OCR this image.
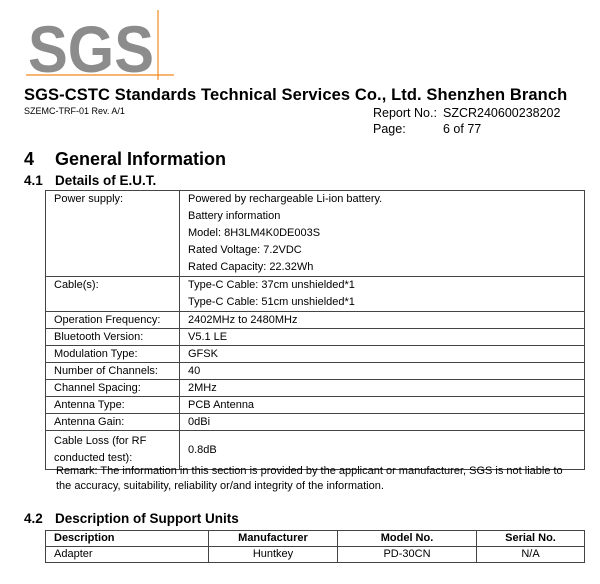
SGS
SGS-CSTC Standards Technical Services Co., Ltd. Shenzhen Branch
SZEMC-TRF-01 Rev. A/1	Report No.: SZCR240600238202
Page:	6 of 77
4 General Information
4.1 Details of E.U.T.
Power supply:	Powered by rechargeable Li-ion battery.
Battery information
Model: 8H3LM4K0DE003S
Rated Voltage: 7.2VDC
Rated Capacity: 22.32Wh

Cable(s):	Type-C Cable: 37cm unshielded*1
Type-C Cable: 51cm unshielded*1

Operation Frequency:	2402MHz to 2480MHz
Bluetooth Version:	V5.1 LE
Modulation Type:	GFSK
Number of Channels:	40
Channel Spacing:	2MHz
Antenna Type:	PCB Antenna
Antenna Gain:	0dBi

Cable Loss (for RF
conducted test):	0.8dB
Remark: The information in this section is provided by the applicant or manufacturer, SGS is not liable to the accuracy, suitability, reliability or/and integrity of the information.
4.2 Description of Support Units
Description	Manufacturer	Model No.	Serial No.
Adapter	Huntkey	PD-30CN	N/A
